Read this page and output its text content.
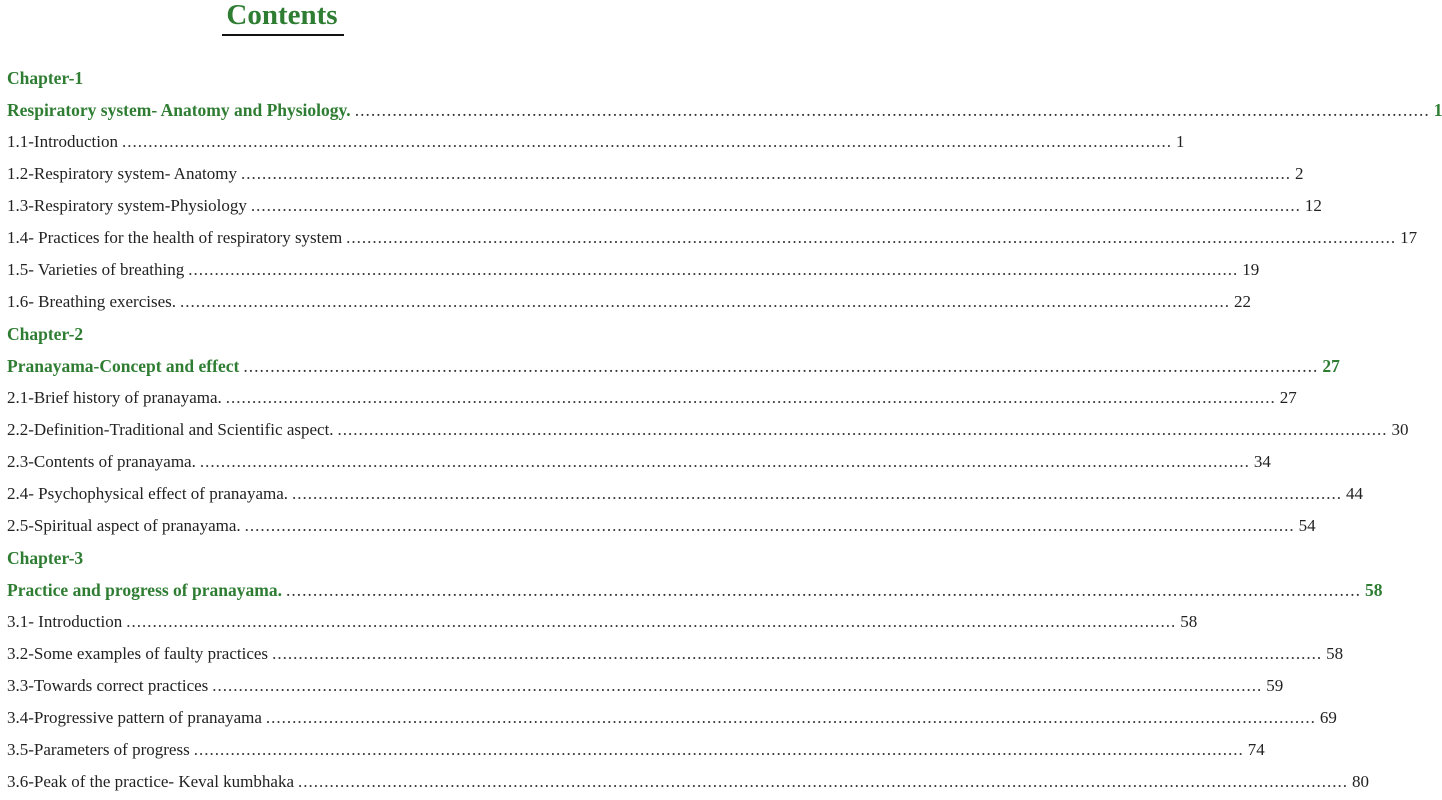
Contents
Chapter-1
Respiratory system- Anatomy and Physiology. ........................................................................................................................................................................................................ 1
1.1-Introduction ........................................................................................................................................................................................................ 1
1.2-Respiratory system- Anatomy ........................................................................................................................................................................................................ 2
1.3-Respiratory system-Physiology ........................................................................................................................................................................................................ 12
1.4- Practices for the health of respiratory system ........................................................................................................................................................................................................ 17
1.5- Varieties of breathing ........................................................................................................................................................................................................ 19
1.6- Breathing exercises. ........................................................................................................................................................................................................ 22
Chapter-2
Pranayama-Concept and effect ........................................................................................................................................................................................................ 27
2.1-Brief history of pranayama. ........................................................................................................................................................................................................ 27
2.2-Definition-Traditional and Scientific aspect. ........................................................................................................................................................................................................ 30
2.3-Contents of pranayama. ........................................................................................................................................................................................................ 34
2.4- Psychophysical effect of pranayama. ........................................................................................................................................................................................................ 44
2.5-Spiritual aspect of pranayama. ........................................................................................................................................................................................................ 54
Chapter-3
Practice and progress of pranayama. ........................................................................................................................................................................................................ 58
3.1- Introduction ........................................................................................................................................................................................................ 58
3.2-Some examples of faulty practices ........................................................................................................................................................................................................ 58
3.3-Towards correct practices ........................................................................................................................................................................................................ 59
3.4-Progressive pattern of pranayama ........................................................................................................................................................................................................ 69
3.5-Parameters of progress ........................................................................................................................................................................................................ 74
3.6-Peak of the practice- Keval kumbhaka ........................................................................................................................................................................................................ 80
